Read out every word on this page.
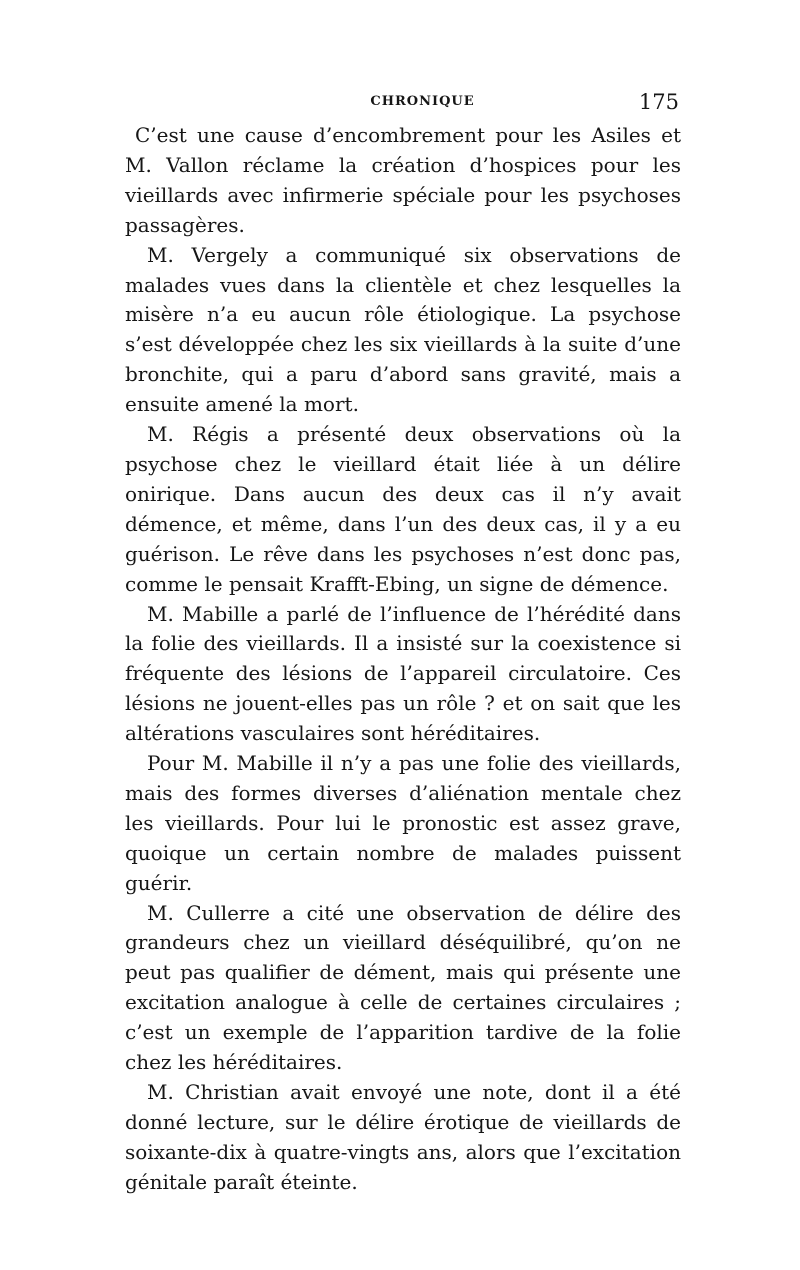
CHRONIQUE	175

C’est une cause d’encombrement pour les Asiles et M. Vallon réclame la création d’hospices pour les vieillards avec infirmerie spéciale pour les psychoses passagères.

M. Vergely a communiqué six observations de malades vues dans la clientèle et chez lesquelles la misère n’a eu aucun rôle étiologique. La psychose s’est développée chez les six vieillards à la suite d’une bronchite, qui a paru d’abord sans gravité, mais a ensuite amené la mort.

M. Régis a présenté deux observations où la psychose chez le vieillard était liée à un délire onirique. Dans aucun des deux cas il n’y avait démence, et même, dans l’un des deux cas, il y a eu guérison. Le rêve dans les psychoses n’est donc pas, comme le pensait Krafft-Ebing, un signe de démence.

M. Mabille a parlé de l’influence de l’hérédité dans la folie des vieillards. Il a insisté sur la coexistence si fréquente des lésions de l’appareil circulatoire. Ces lésions ne jouent-elles pas un rôle ? et on sait que les altérations vasculaires sont héréditaires.

Pour M. Mabille il n’y a pas une folie des vieillards, mais des formes diverses d’aliénation mentale chez les vieillards. Pour lui le pronostic est assez grave, quoique un certain nombre de malades puissent guérir.

M. Cullerre a cité une observation de délire des grandeurs chez un vieillard déséquilibré, qu’on ne peut pas qualifier de dément, mais qui présente une excitation analogue à celle de certaines circulaires ; c’est un exemple de l’apparition tardive de la folie chez les héréditaires.

M. Christian avait envoyé une note, dont il a été donné lecture, sur le délire érotique de vieillards de soixante-dix à quatre-vingts ans, alors que l’excitation génitale paraît éteinte.
